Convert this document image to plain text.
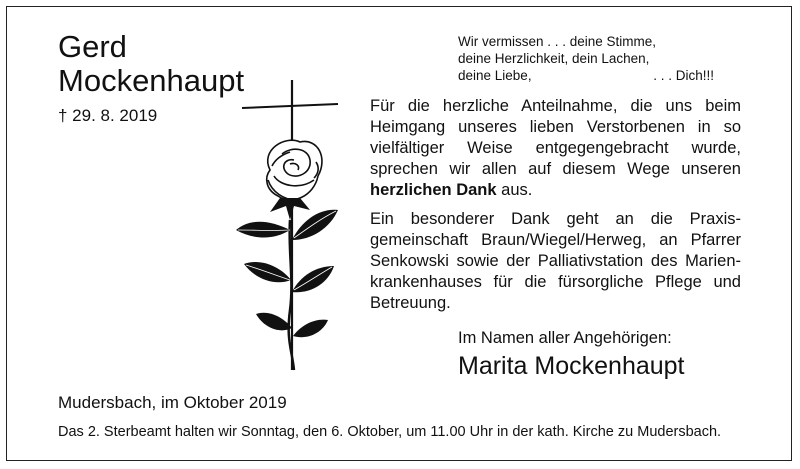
Gerd
Mockenhaupt
† 29. 8. 2019
Wir vermissen . . . deine Stimme,
deine Herzlichkeit, dein Lachen,
deine Liebe,	. . . Dich!!!
Für die herzliche Anteilnahme, die uns beim Heimgang unseres lieben Verstorbenen in so vielfältiger Weise entgegengebracht wurde, sprechen wir allen auf diesem Wege unseren herzlichen Dank aus.
Ein besonderer Dank geht an die Praxisgemeinschaft Braun/Wiegel/Herweg, an Pfarrer Senkowski sowie der Palliativstation des Marienkrankenhauses für die fürsorgliche Pflege und Betreuung.
Im Namen aller Angehörigen:
Marita Mockenhaupt
Mudersbach, im Oktober 2019
Das 2. Sterbeamt halten wir Sonntag, den 6. Oktober, um 11.00 Uhr in der kath. Kirche zu Mudersbach.
